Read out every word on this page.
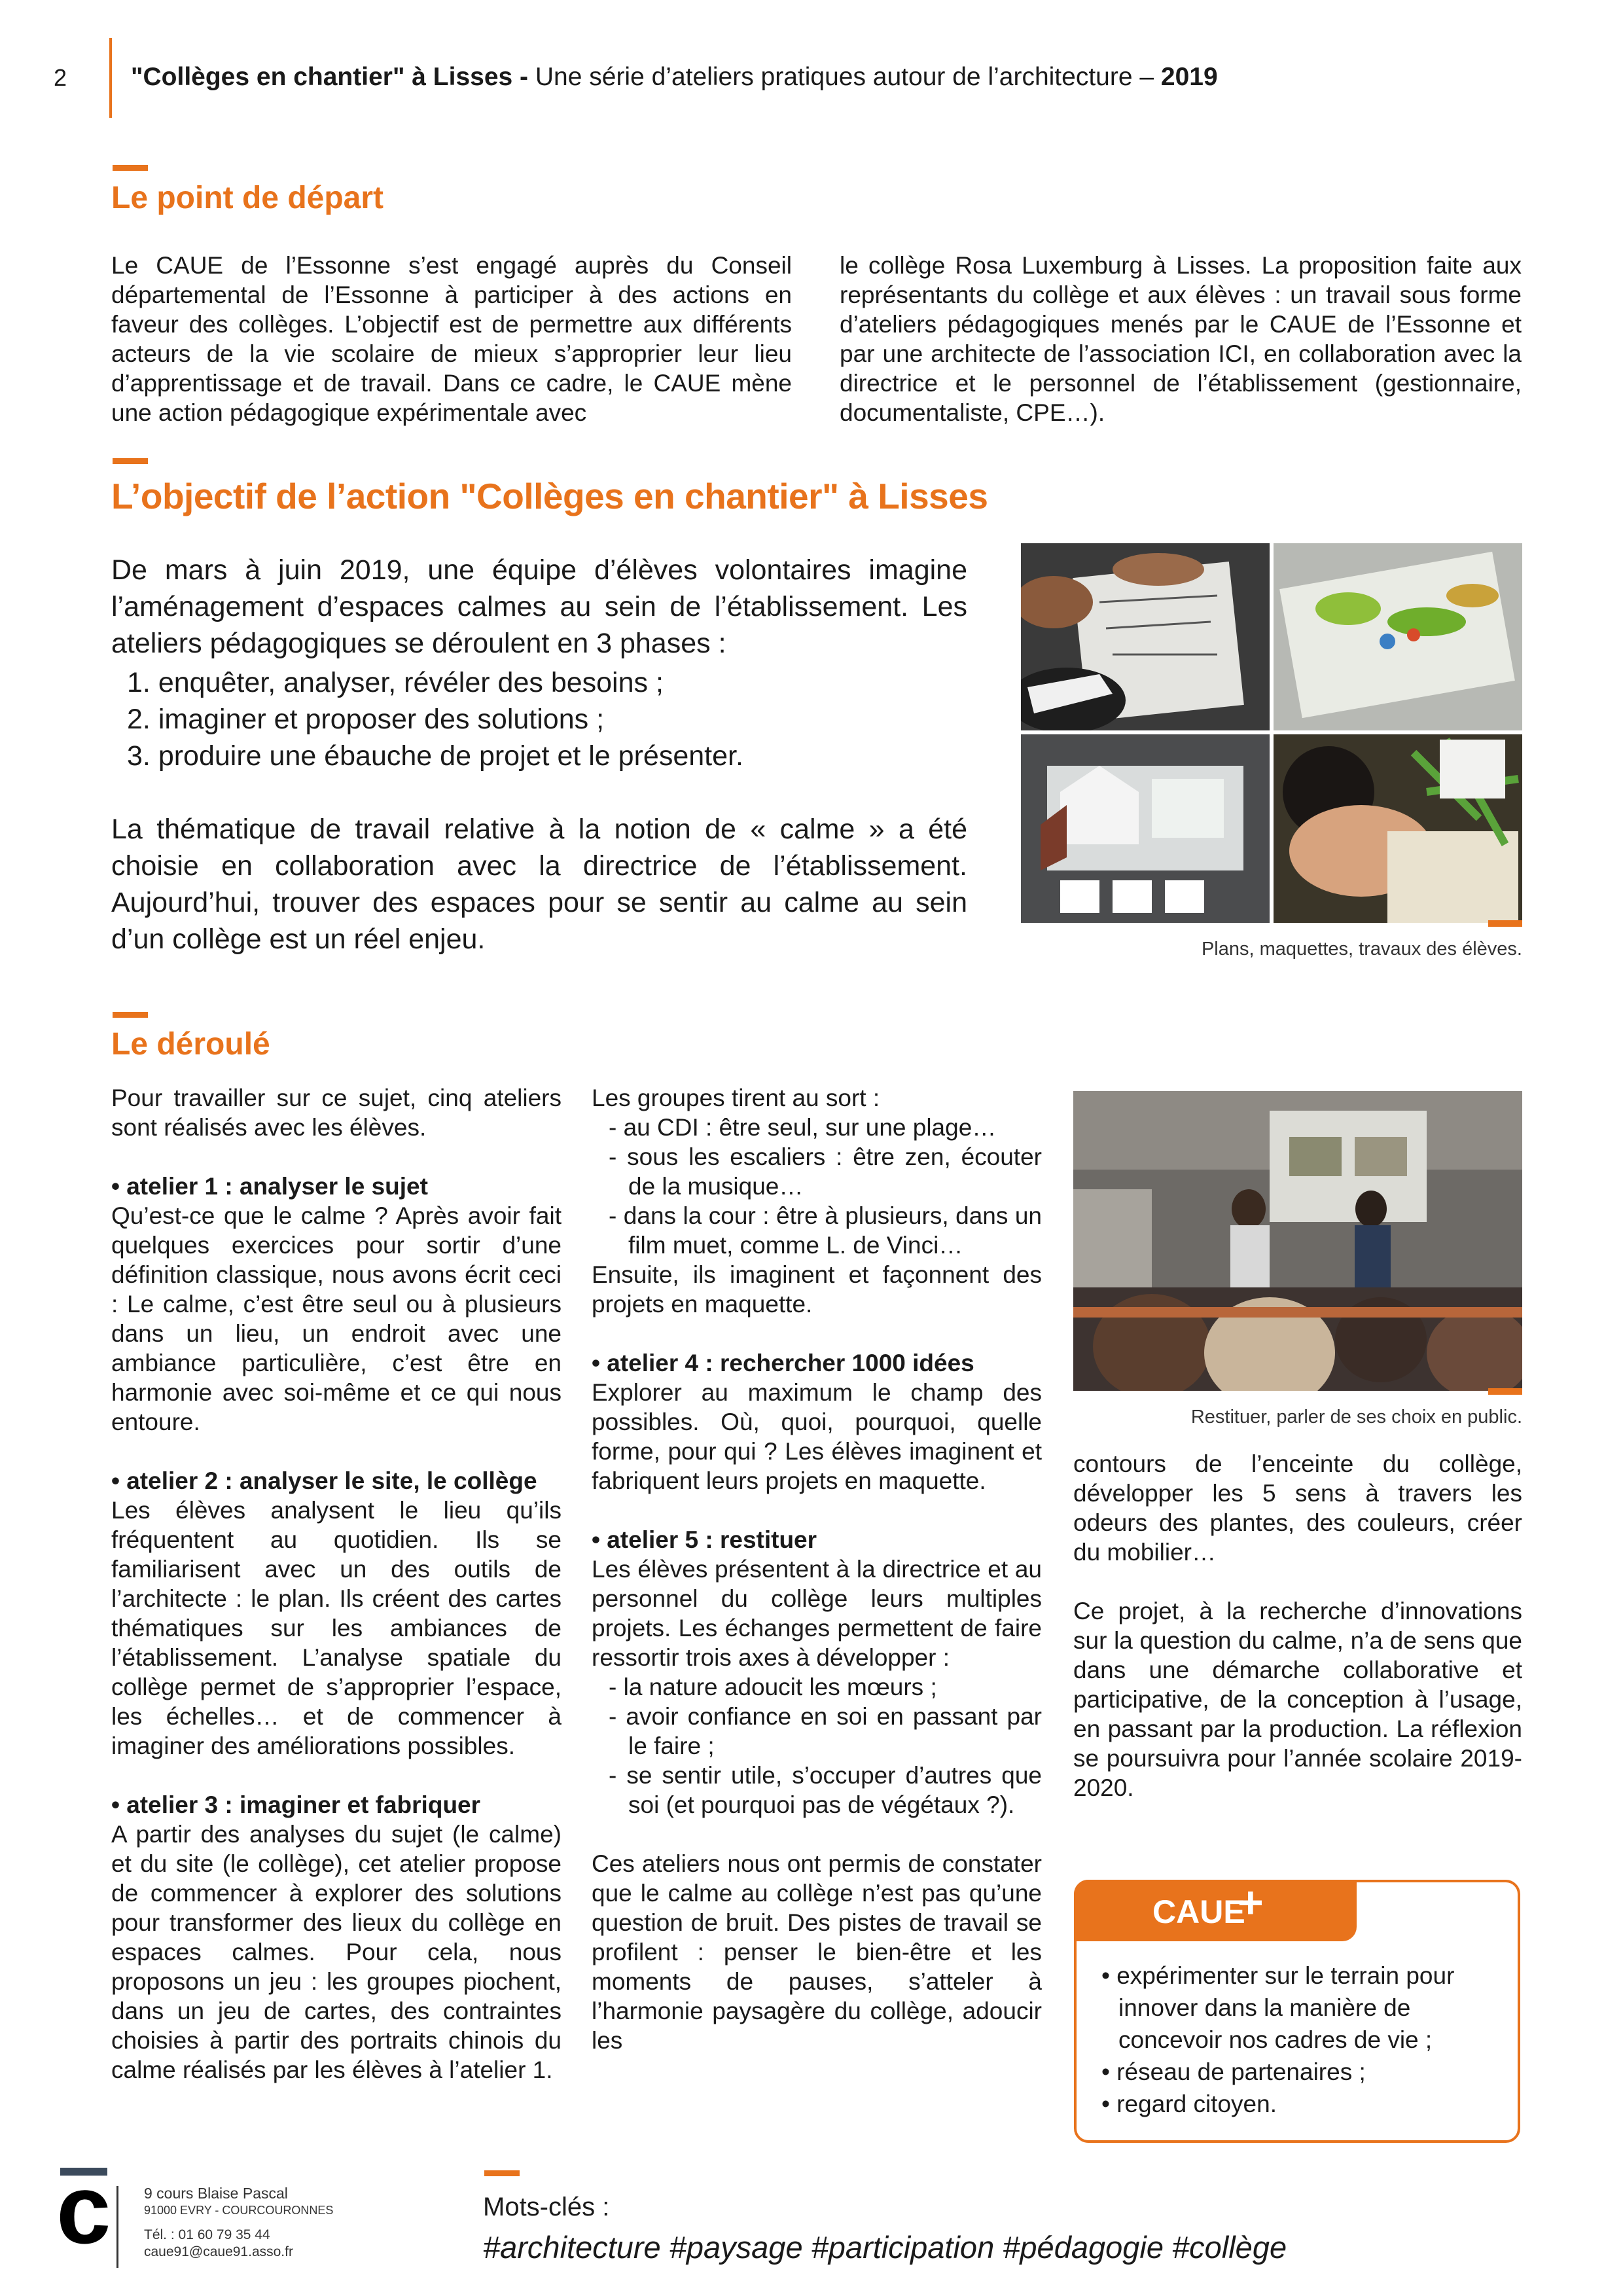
2	"Collèges en chantier" à Lisses - Une série d’ateliers pratiques autour de l’architecture – 2019
Le point de départ

Le CAUE de l’Essonne s’est engagé auprès du Conseil départemental de l’Essonne à participer à des actions en faveur des collèges. L’objectif est de permettre aux différents acteurs de la vie scolaire de mieux s’approprier leur lieu d’apprentissage et de travail. Dans ce cadre, le CAUE mène une action pédagogique expérimentale avec

le collège Rosa Luxemburg à Lisses. La proposition faite aux représentants du collège et aux élèves : un travail sous forme d’ateliers pédagogiques menés par le CAUE de l’Essonne et par une architecte de l’association ICI, en collaboration avec la directrice et le personnel de l’établissement (gestionnaire, documentaliste, CPE…).

L’objectif de l’action "Collèges en chantier" à Lisses

De mars à juin 2019, une équipe d’élèves volontaires imagine l’aménagement d’espaces calmes au sein de l’établissement. Les ateliers pédagogiques se déroulent en 3 phases :

1. enquêter, analyser, révéler des besoins ;
2. imaginer et proposer des solutions ;
3. produire une ébauche de projet et le présenter.

La thématique de travail relative à la notion de « calme » a été choisie en collaboration avec la directrice de l’établissement. Aujourd’hui, trouver des espaces pour se sentir au calme au sein d’un collège est un réel enjeu.	Plans, maquettes, travaux des élèves.
Le déroulé

Pour travailler sur ce sujet, cinq ateliers sont réalisés avec les élèves.

• atelier 1 : analyser le sujet

Qu’est-ce que le calme ? Après avoir fait quelques exercices pour sortir d’une définition classique, nous avons écrit ceci : Le calme, c’est être seul ou à plusieurs dans un lieu, un endroit avec une ambiance particulière, c’est être en harmonie avec soi-même et ce qui nous entoure.

• atelier 2 : analyser le site, le collège

Les élèves analysent le lieu qu’ils fréquentent au quotidien. Ils se familiarisent avec un des outils de l’architecte : le plan. Ils créent des cartes thématiques sur les ambiances de l’établissement. L’analyse spatiale du collège permet de s’approprier l’espace, les échelles… et de commencer à imaginer des améliorations possibles.

• atelier 3 : imaginer et fabriquer

A partir des analyses du sujet (le calme) et du site (le collège), cet atelier propose de commencer à explorer des solutions pour transformer des lieux du collège en espaces calmes. Pour cela, nous proposons un jeu : les groupes piochent, dans un jeu de cartes, des contraintes choisies à partir des portraits chinois du calme réalisés par les élèves à l’atelier 1.

Les groupes tirent au sort :

- au CDI : être seul, sur une plage…

- sous les escaliers : être zen, écouter de la musique…

- dans la cour : être à plusieurs, dans un film muet, comme L. de Vinci…

Ensuite, ils imaginent et façonnent des projets en maquette.

• atelier 4 : rechercher 1000 idées

Explorer au maximum le champ des possibles. Où, quoi, pourquoi, quelle forme, pour qui ? Les élèves imaginent et fabriquent leurs projets en maquette.

• atelier 5 : restituer

Les élèves présentent à la directrice et au personnel du collège leurs multiples projets. Les échanges permettent de faire ressortir trois axes à développer :

- la nature adoucit les mœurs ;

- avoir confiance en soi en passant par le faire ;

- se sentir utile, s’occuper d’autres que soi (et pourquoi pas de végétaux ?).

Ces ateliers nous ont permis de constater que le calme au collège n’est pas qu’une question de bruit. Des pistes de travail se profilent : penser le bien-être et les moments de pauses, s’atteler à l’harmonie paysagère du collège, adoucir les

Restituer, parler de ses choix en public.

contours de l’enceinte du collège, développer les 5 sens à travers les odeurs des plantes, des couleurs, créer du mobilier…

Ce projet, à la recherche d’innovations sur la question du calme, n’a de sens que dans une démarche collaborative et participative, de la conception à l’usage, en passant par la production. La réflexion se poursuivra pour l’année scolaire 2019-2020.

CAUE
+
• expérimenter sur le terrain pour innover dans la manière de concevoir nos cadres de vie ;
• réseau de partenaires ;
• regard citoyen.
c 9 cours Blaise Pascal
91000 EVRY - COURCOURONNES
Tél. : 01 60 79 35 44
caue91@caue91.asso.fr
Mots-clés :
#architecture #paysage #participation #pédagogie #collège
